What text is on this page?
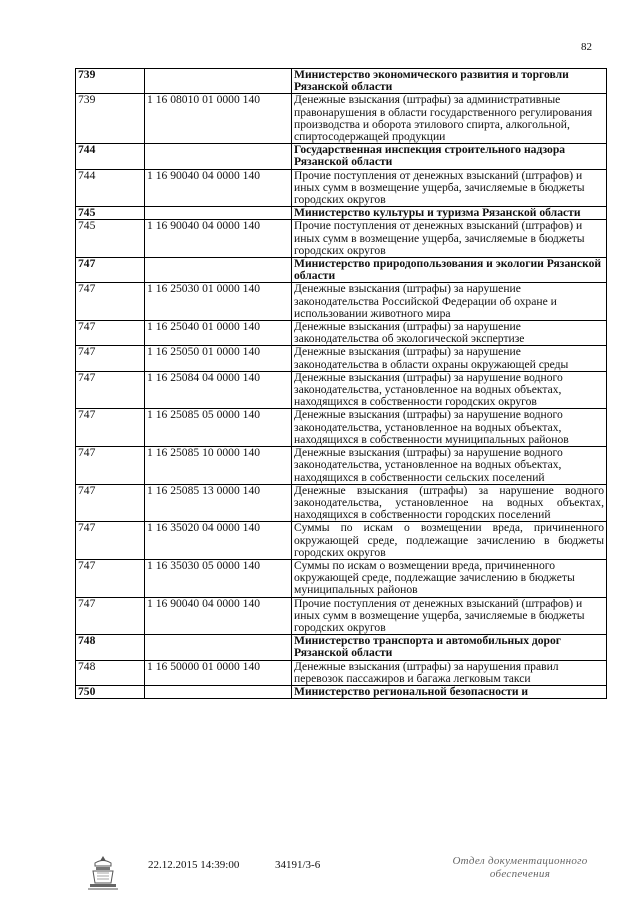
82
739		Министерство экономического развития и торговли Рязанской области
739	1 16 08010 01 0000 140	Денежные взыскания (штрафы) за административные правонарушения в области государственного регулирования производства и оборота этилового спирта, алкогольной, спиртосодержащей продукции
744		Государственная инспекция строительного надзора Рязанской области
744	1 16 90040 04 0000 140	Прочие поступления от денежных взысканий (штрафов) и иных сумм в возмещение ущерба, зачисляемые в бюджеты городских округов
745		Министерство культуры и туризма Рязанской области
745	1 16 90040 04 0000 140	Прочие поступления от денежных взысканий (штрафов) и иных сумм в возмещение ущерба, зачисляемые в бюджеты городских округов
747		Министерство природопользования и экологии Рязанской области
747	1 16 25030 01 0000 140	Денежные взыскания (штрафы) за нарушение законодательства Российской Федерации об охране и использовании животного мира
747	1 16 25040 01 0000 140	Денежные взыскания (штрафы) за нарушение законодательства об экологической экспертизе
747	1 16 25050 01 0000 140	Денежные взыскания (штрафы) за нарушение законодательства в области охраны окружающей среды
747	1 16 25084 04 0000 140	Денежные взыскания (штрафы) за нарушение водного законодательства, установленное на водных объектах, находящихся в собственности городских округов
747	1 16 25085 05 0000 140	Денежные взыскания (штрафы) за нарушение водного законодательства, установленное на водных объектах, находящихся в собственности муниципальных районов
747	1 16 25085 10 0000 140	Денежные взыскания (штрафы) за нарушение водного законодательства, установленное на водных объектах, находящихся в собственности сельских поселений
747	1 16 25085 13 0000 140	Денежные взыскания (штрафы) за нарушение водного законодательства, установленное на водных объектах, находящихся в собственности городских поселений
747	1 16 35020 04 0000 140	Суммы по искам о возмещении вреда, причиненного окружающей среде, подлежащие зачислению в бюджеты городских округов
747	1 16 35030 05 0000 140	Суммы по искам о возмещении вреда, причиненного окружающей среде, подлежащие зачислению в бюджеты муниципальных районов
747	1 16 90040 04 0000 140	Прочие поступления от денежных взысканий (штрафов) и иных сумм в возмещение ущерба, зачисляемые в бюджеты городских округов
748		Министерство транспорта и автомобильных дорог Рязанской области
748	1 16 50000 01 0000 140	Денежные взыскания (штрафы) за нарушения правил перевозок пассажиров и багажа легковым такси
750		Министерство региональной безопасности и
22.12.2015 14:39:00	34191/3-6	Отдел документационного
обеспечения
